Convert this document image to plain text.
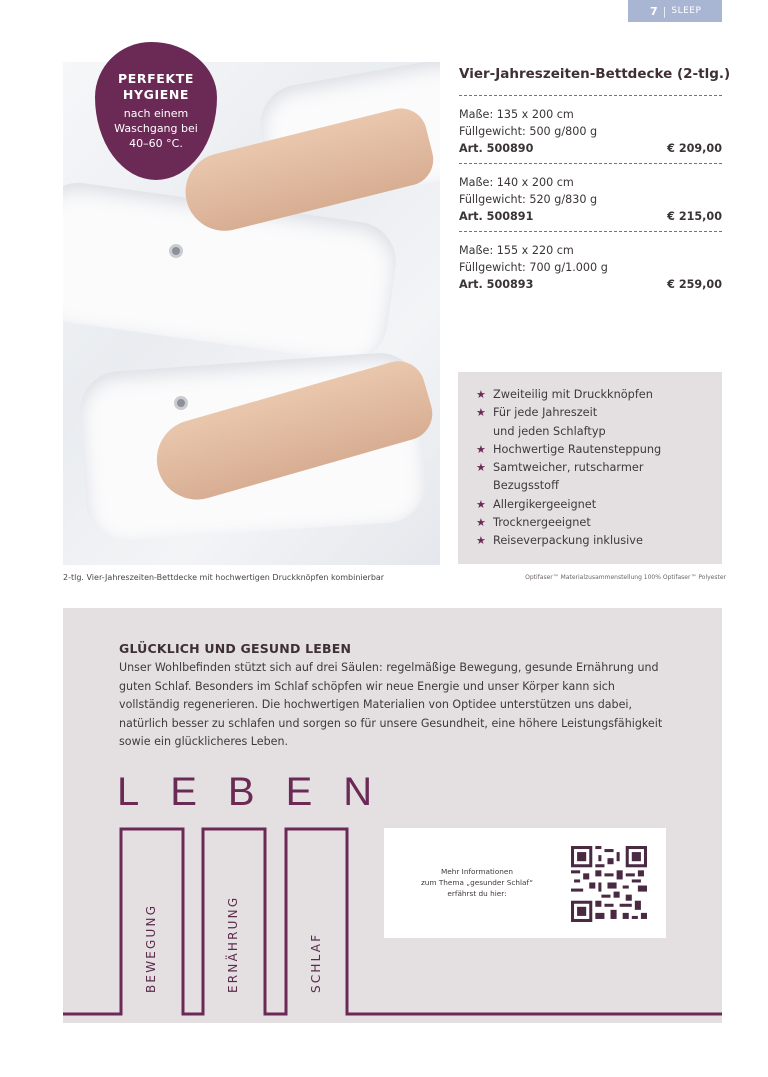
7 | SLEEP
PERFEKTE
HYGIENE
nach einem
Waschgang bei
40–60 °C.
2-tlg. Vier-Jahreszeiten-Bettdecke mit hochwertigen Druckknöpfen kombinierbar	Optifaser™ Materialzusammenstellung 100% Optifaser™ Polyester
Vier-Jahreszeiten-Bettdecke (2-tlg.)
Maße: 135 x 200 cm
Füllgewicht: 500 g/800 g
Art. 500890	€ 209,00
Maße: 140 x 200 cm
Füllgewicht: 520 g/830 g
Art. 500891	€ 215,00
Maße: 155 x 220 cm
Füllgewicht: 700 g/1.000 g
Art. 500893	€ 259,00
★ Zweiteilig mit Druckknöpfen
★ Für jede Jahreszeit
und jeden Schlaftyp
★ Hochwertige Rautensteppung
★ Samtweicher, rutscharmer
Bezugsstoff
★ Allergikergeeignet
★ Trocknergeeignet
★ Reiseverpackung inklusive
GLÜCKLICH UND GESUND LEBEN
Unser Wohlbefinden stützt sich auf drei Säulen: regelmäßige Bewegung, gesunde Ernährung und guten Schlaf. Besonders im Schlaf schöpfen wir neue Energie und unser Körper kann sich vollständig regenerieren. Die hochwertigen Materialien von Optidee unterstützen uns dabei, natürlich besser zu schlafen und sorgen so für unsere Gesundheit, eine höhere Leistungsfähigkeit sowie ein glücklicheres Leben.
LEBEN
BEWEGUNG	ERNÄHRUNG	SCHLAF
Mehr Informationen
zum Thema „gesunder Schlaf“
erfährst du hier:
